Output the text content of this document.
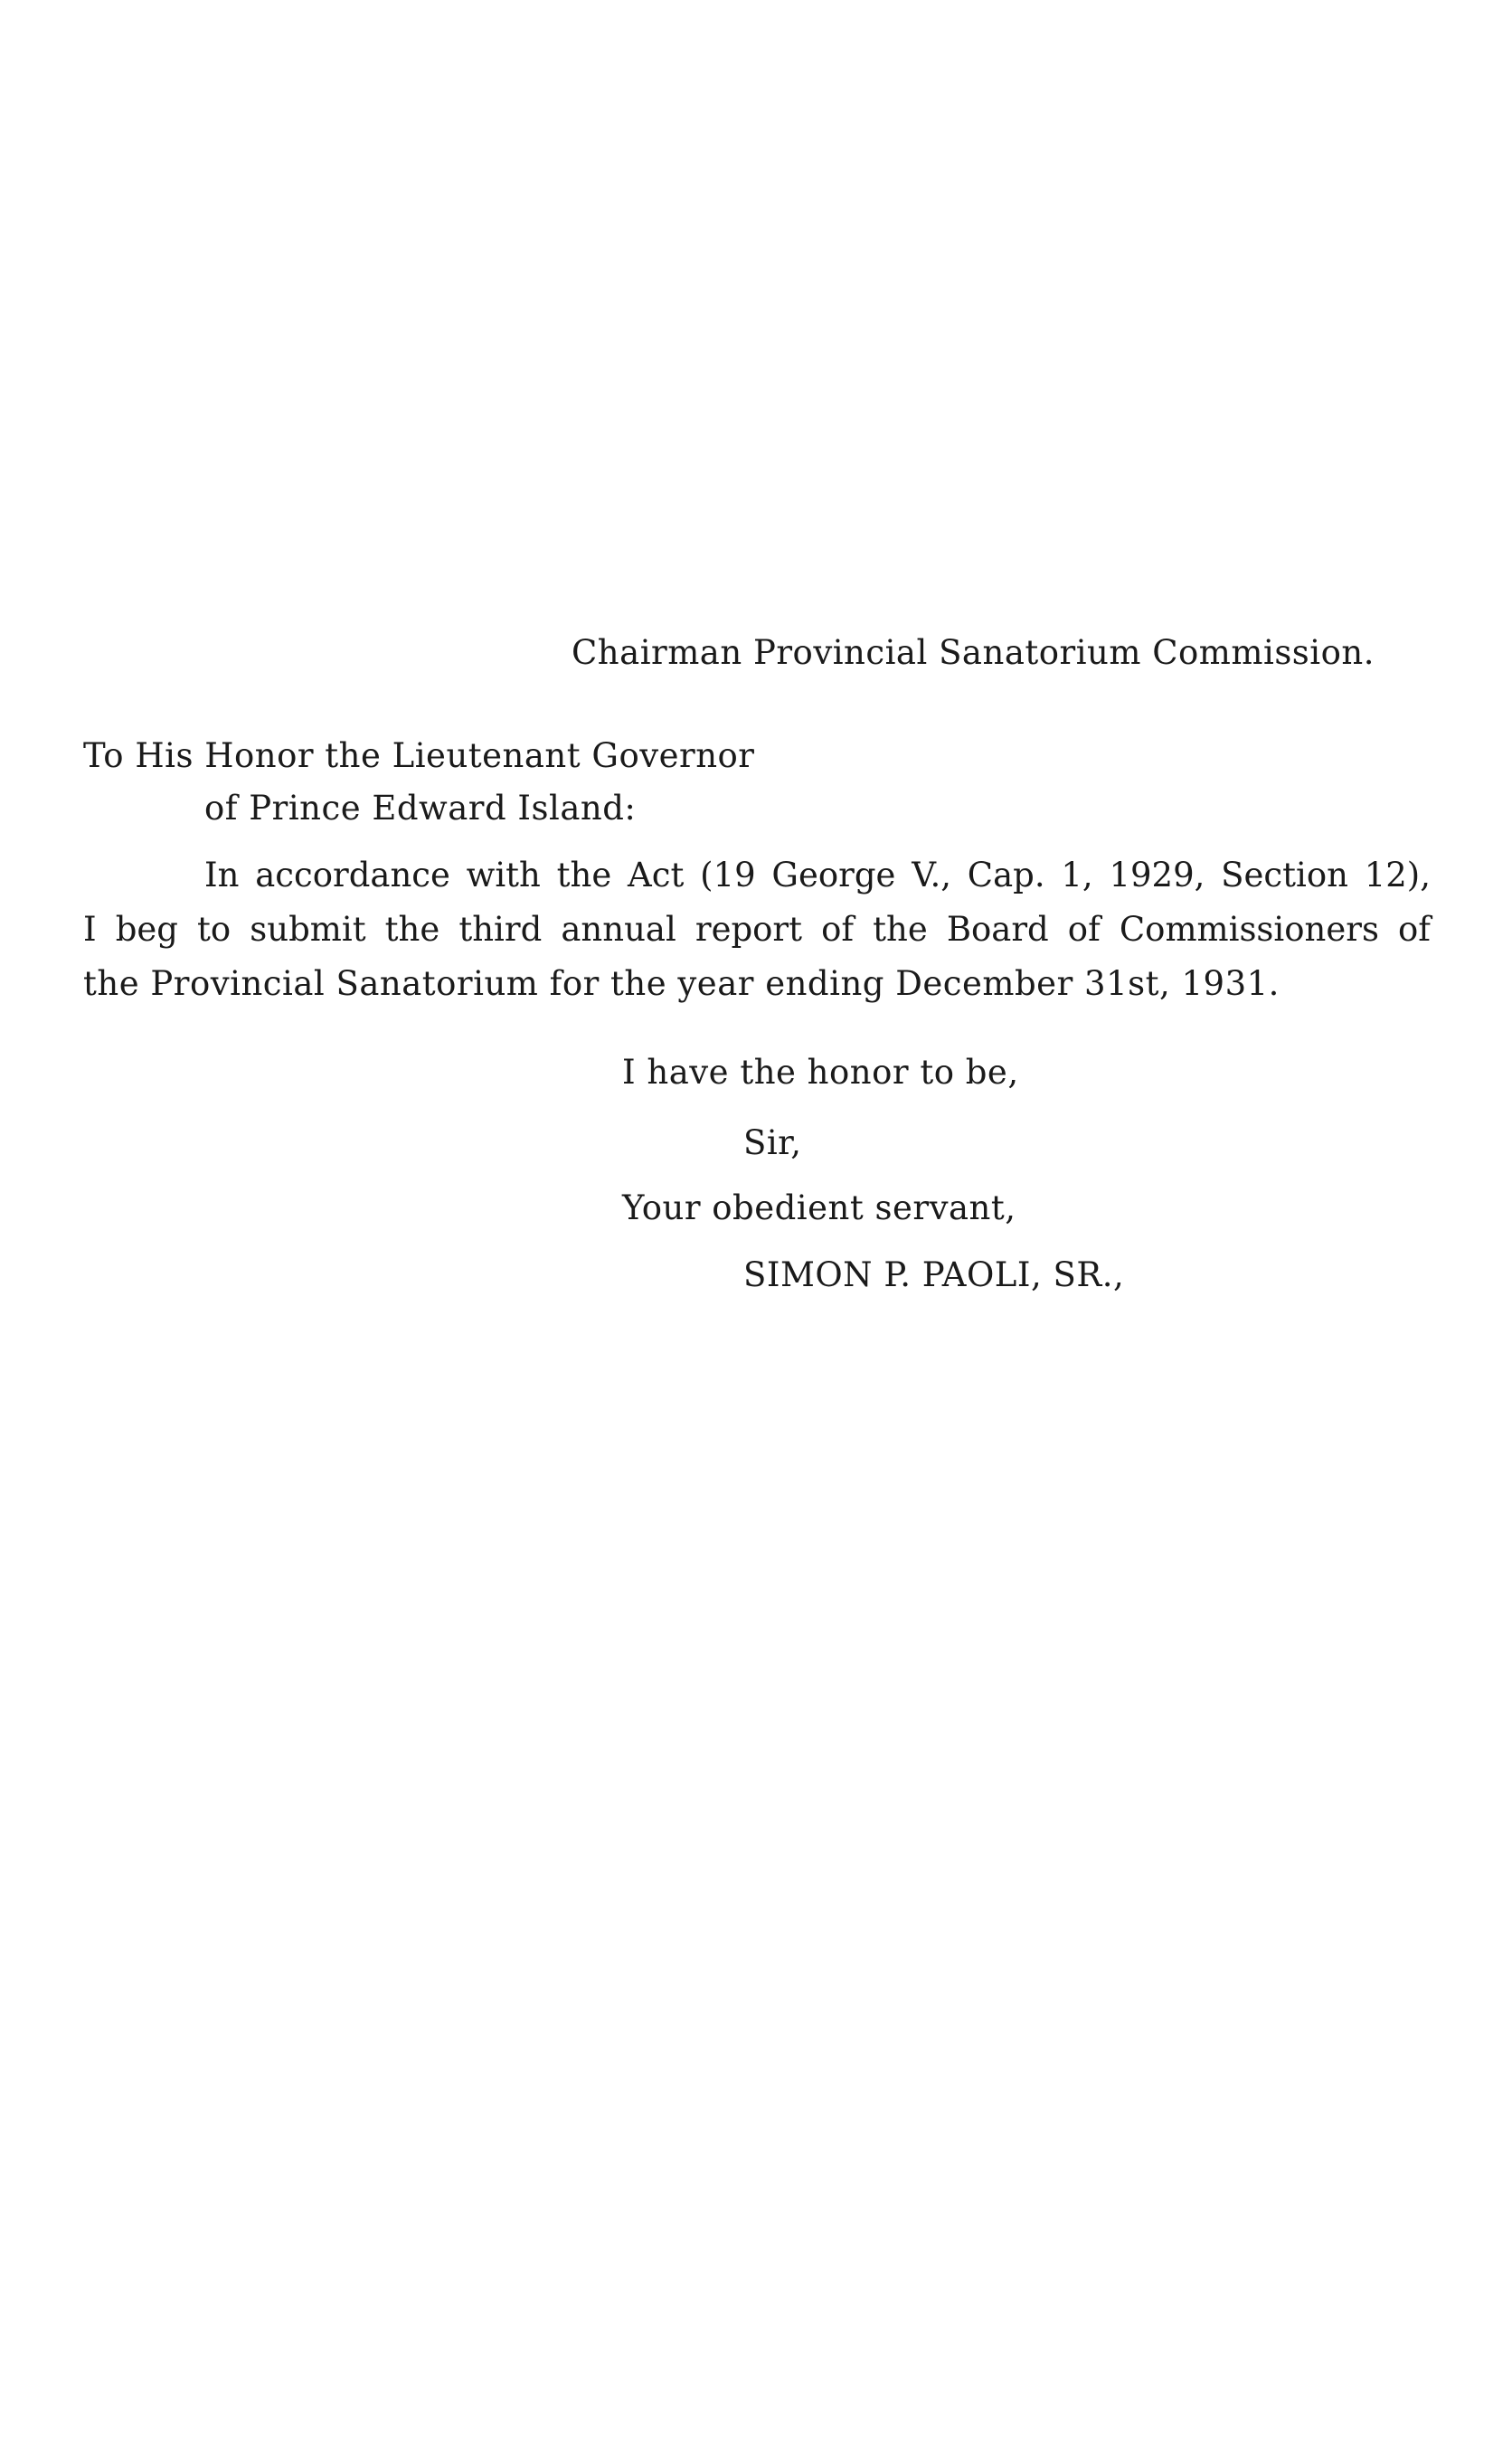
Chairman Provincial Sanatorium Commission.
To His Honor the Lieutenant Governor
of Prince Edward Island:
In accordance with the Act (19 George V., Cap. 1, 1929, Section 12),
I beg to submit the third annual report of the Board of Commissioners of
the Provincial Sanatorium for the year ending December 31st, 1931.
I have the honor to be,
Sir,
Your obedient servant,
SIMON P. PAOLI, SR.,
